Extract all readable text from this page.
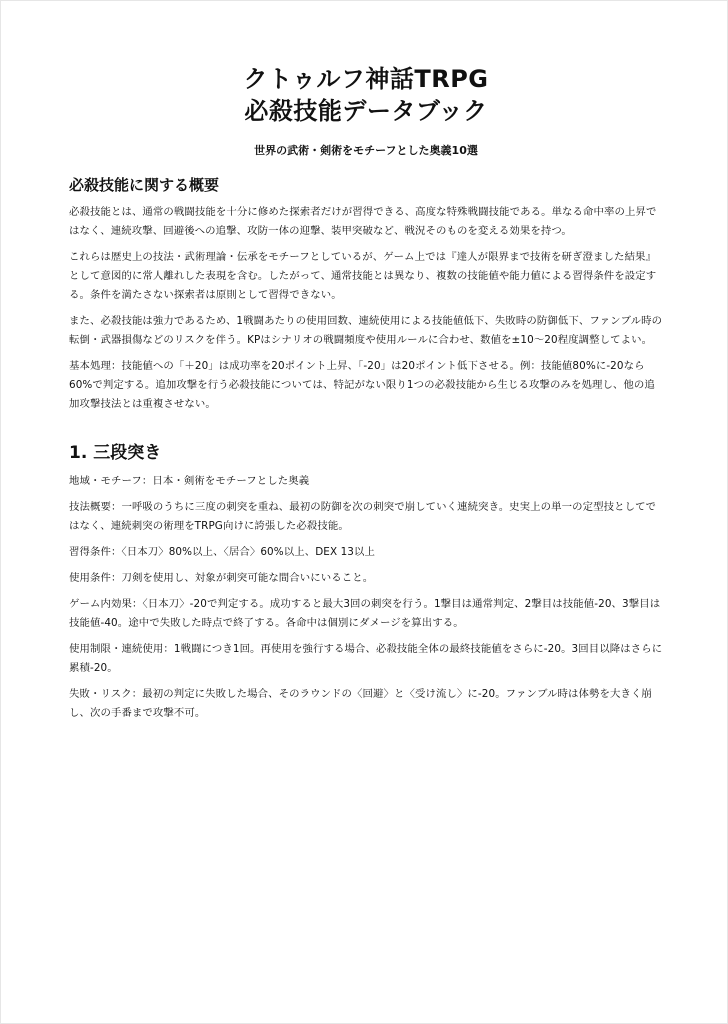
クトゥルフ神話TRPG
必殺技能データブック

世界の武術・剣術をモチーフとした奥義10選

必殺技能に関する概要

必殺技能とは、通常の戦闘技能を十分に修めた探索者だけが習得できる、高度な特殊戦闘技能である。単なる命中率の上昇ではなく、連続攻撃、回避後への追撃、攻防一体の迎撃、装甲突破など、戦況そのものを変える効果を持つ。

これらは歴史上の技法・武術理論・伝承をモチーフとしているが、ゲーム上では『達人が限界まで技術を研ぎ澄ました結果』として意図的に常人離れした表現を含む。したがって、通常技能とは異なり、複数の技能値や能力値による習得条件を設定する。条件を満たさない探索者は原則として習得できない。

また、必殺技能は強力であるため、1戦闘あたりの使用回数、連続使用による技能値低下、失敗時の防御低下、ファンブル時の転倒・武器損傷などのリスクを伴う。KPはシナリオの戦闘頻度や使用ルールに合わせ、数値を±10〜20程度調整してよい。

基本処理：技能値への「＋20」は成功率を20ポイント上昇、「-20」は20ポイント低下させる。例：技能値80%に-20なら60%で判定する。追加攻撃を行う必殺技能については、特記がない限り1つの必殺技能から生じる攻撃のみを処理し、他の追加攻撃技法とは重複させない。

1. 三段突き

地域・モチーフ：日本・剣術をモチーフとした奥義

技法概要：一呼吸のうちに三度の刺突を重ね、最初の防御を次の刺突で崩していく連続突き。史実上の単一の定型技としてではなく、連続刺突の術理をTRPG向けに誇張した必殺技能。

習得条件：〈日本刀〉80%以上、〈居合〉60%以上、DEX 13以上

使用条件：刀剣を使用し、対象が刺突可能な間合いにいること。

ゲーム内効果：〈日本刀〉-20で判定する。成功すると最大3回の刺突を行う。1撃目は通常判定、2撃目は技能値-20、3撃目は技能値-40。途中で失敗した時点で終了する。各命中は個別にダメージを算出する。

使用制限・連続使用：1戦闘につき1回。再使用を強行する場合、必殺技能全体の最終技能値をさらに-20。3回目以降はさらに累積-20。

失敗・リスク：最初の判定に失敗した場合、そのラウンドの〈回避〉と〈受け流し〉に-20。ファンブル時は体勢を大きく崩し、次の手番まで攻撃不可。
